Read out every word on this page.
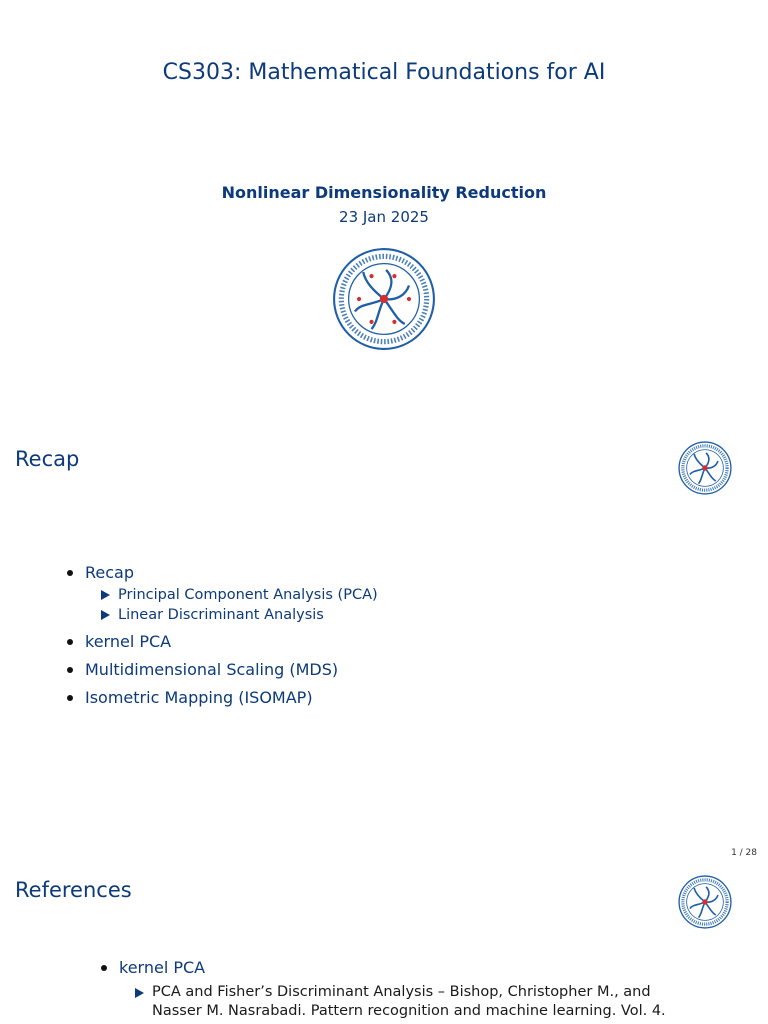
CS303: Mathematical Foundations for AI
Nonlinear Dimensionality Reduction
23 Jan 2025
Recap
Recap
Principal Component Analysis (PCA)
Linear Discriminant Analysis
kernel PCA
Multidimensional Scaling (MDS)
Isometric Mapping (ISOMAP)
1 / 28
References
kernel PCA
PCA and Fisher’s Discriminant Analysis – Bishop, Christopher M., and
Nasser M. Nasrabadi. Pattern recognition and machine learning. Vol. 4.
